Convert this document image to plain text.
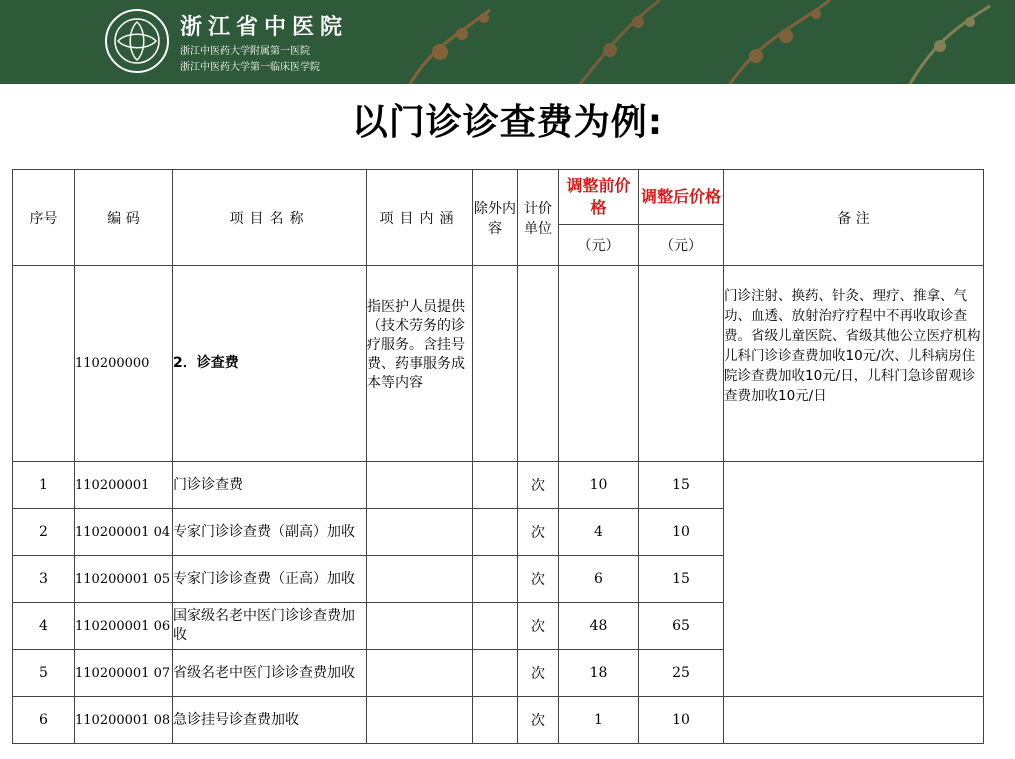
浙江省中医院
浙江中医药大学附属第一医院
浙江中医药大学第一临床医学院
以门诊诊查费为例:
序号	编 码	项目名称	项目内涵	除外内容	计价单位	调整前价格	调整后价格	备 注
						（元）	（元）	
	110200000	2．诊查费	指医护人员提供（技术劳务的诊疗服务。含挂号费、药事服务成本等内容					门诊注射、换药、针灸、理疗、推拿、气功、血透、放射治疗疗程中不再收取诊查费。省级儿童医院、省级其他公立医疗机构儿科门诊诊查费加收10元/次、儿科病房住院诊查费加收10元/日，儿科门急诊留观诊查费加收10元/日
1	110200001	门诊诊查费			次	10	15	
2	110200001 04	专家门诊诊查费（副高）加收			次	4	10	
3	110200001 05	专家门诊诊查费（正高）加收			次	6	15	
4	110200001 06	国家级名老中医门诊诊查费加收			次	48	65	
5	110200001 07	省级名老中医门诊诊查费加收			次	18	25	
6	110200001 08	急诊挂号诊查费加收			次	1	10	
